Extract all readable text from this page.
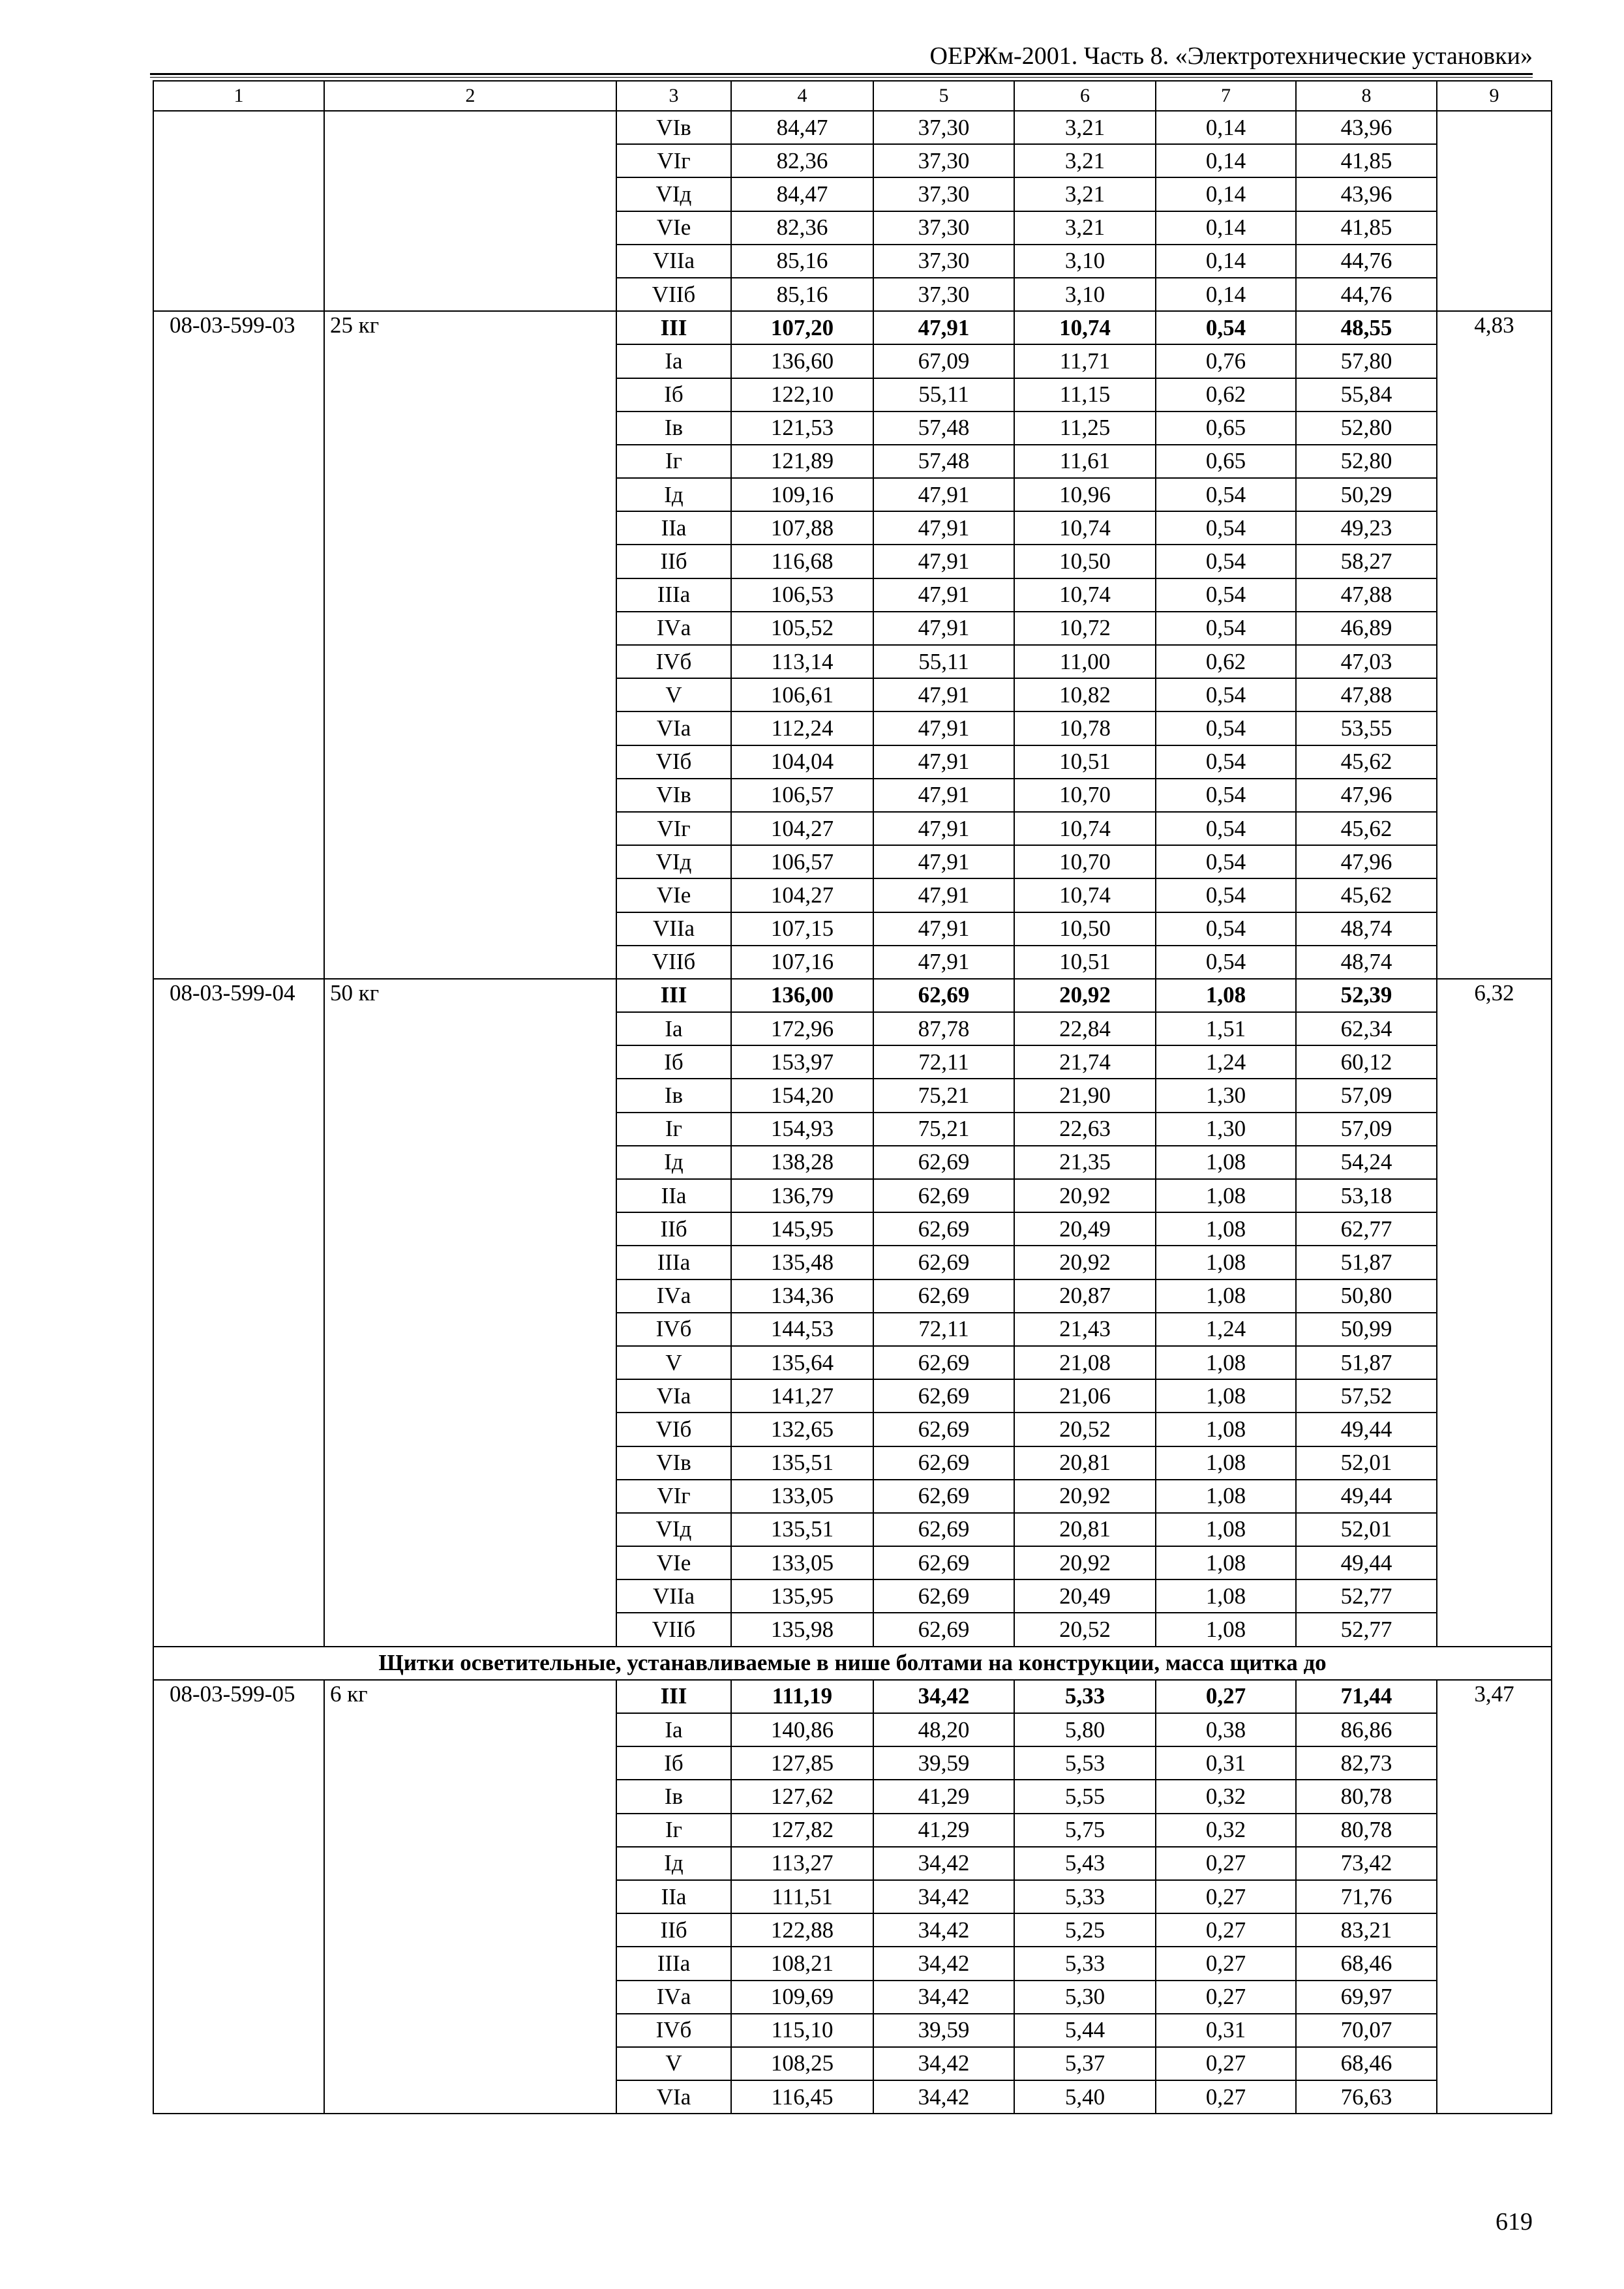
ОЕРЖм-2001. Часть 8. «Электротехнические установки»
1	2	3	4	5	6	7	8	9
		VIв	84,47	37,30	3,21	0,14	43,96	
		VIг	82,36	37,30	3,21	0,14	41,85	
		VIд	84,47	37,30	3,21	0,14	43,96	
		VIе	82,36	37,30	3,21	0,14	41,85	
		VIIа	85,16	37,30	3,10	0,14	44,76	
		VIIб	85,16	37,30	3,10	0,14	44,76	
08-03-599-03	25 кг	III	107,20	47,91	10,74	0,54	48,55	4,83
		Iа	136,60	67,09	11,71	0,76	57,80	
		Iб	122,10	55,11	11,15	0,62	55,84	
		Iв	121,53	57,48	11,25	0,65	52,80	
		Iг	121,89	57,48	11,61	0,65	52,80	
		Iд	109,16	47,91	10,96	0,54	50,29	
		IIа	107,88	47,91	10,74	0,54	49,23	
		IIб	116,68	47,91	10,50	0,54	58,27	
		IIIа	106,53	47,91	10,74	0,54	47,88	
		IVа	105,52	47,91	10,72	0,54	46,89	
		IVб	113,14	55,11	11,00	0,62	47,03	
		V	106,61	47,91	10,82	0,54	47,88	
		VIа	112,24	47,91	10,78	0,54	53,55	
		VIб	104,04	47,91	10,51	0,54	45,62	
		VIв	106,57	47,91	10,70	0,54	47,96	
		VIг	104,27	47,91	10,74	0,54	45,62	
		VIд	106,57	47,91	10,70	0,54	47,96	
		VIе	104,27	47,91	10,74	0,54	45,62	
		VIIа	107,15	47,91	10,50	0,54	48,74	
		VIIб	107,16	47,91	10,51	0,54	48,74	
08-03-599-04	50 кг	III	136,00	62,69	20,92	1,08	52,39	6,32
		Iа	172,96	87,78	22,84	1,51	62,34	
		Iб	153,97	72,11	21,74	1,24	60,12	
		Iв	154,20	75,21	21,90	1,30	57,09	
		Iг	154,93	75,21	22,63	1,30	57,09	
		Iд	138,28	62,69	21,35	1,08	54,24	
		IIа	136,79	62,69	20,92	1,08	53,18	
		IIб	145,95	62,69	20,49	1,08	62,77	
		IIIа	135,48	62,69	20,92	1,08	51,87	
		IVа	134,36	62,69	20,87	1,08	50,80	
		IVб	144,53	72,11	21,43	1,24	50,99	
		V	135,64	62,69	21,08	1,08	51,87	
		VIа	141,27	62,69	21,06	1,08	57,52	
		VIб	132,65	62,69	20,52	1,08	49,44	
		VIв	135,51	62,69	20,81	1,08	52,01	
		VIг	133,05	62,69	20,92	1,08	49,44	
		VIд	135,51	62,69	20,81	1,08	52,01	
		VIе	133,05	62,69	20,92	1,08	49,44	
		VIIа	135,95	62,69	20,49	1,08	52,77	
		VIIб	135,98	62,69	20,52	1,08	52,77	
Щитки осветительные, устанавливаемые в нише болтами на конструкции, масса щитка до								
08-03-599-05	6 кг	III	111,19	34,42	5,33	0,27	71,44	3,47
		Iа	140,86	48,20	5,80	0,38	86,86	
		Iб	127,85	39,59	5,53	0,31	82,73	
		Iв	127,62	41,29	5,55	0,32	80,78	
		Iг	127,82	41,29	5,75	0,32	80,78	
		Iд	113,27	34,42	5,43	0,27	73,42	
		IIа	111,51	34,42	5,33	0,27	71,76	
		IIб	122,88	34,42	5,25	0,27	83,21	
		IIIа	108,21	34,42	5,33	0,27	68,46	
		IVа	109,69	34,42	5,30	0,27	69,97	
		IVб	115,10	39,59	5,44	0,31	70,07	
		V	108,25	34,42	5,37	0,27	68,46	
		VIа	116,45	34,42	5,40	0,27	76,63	
619
